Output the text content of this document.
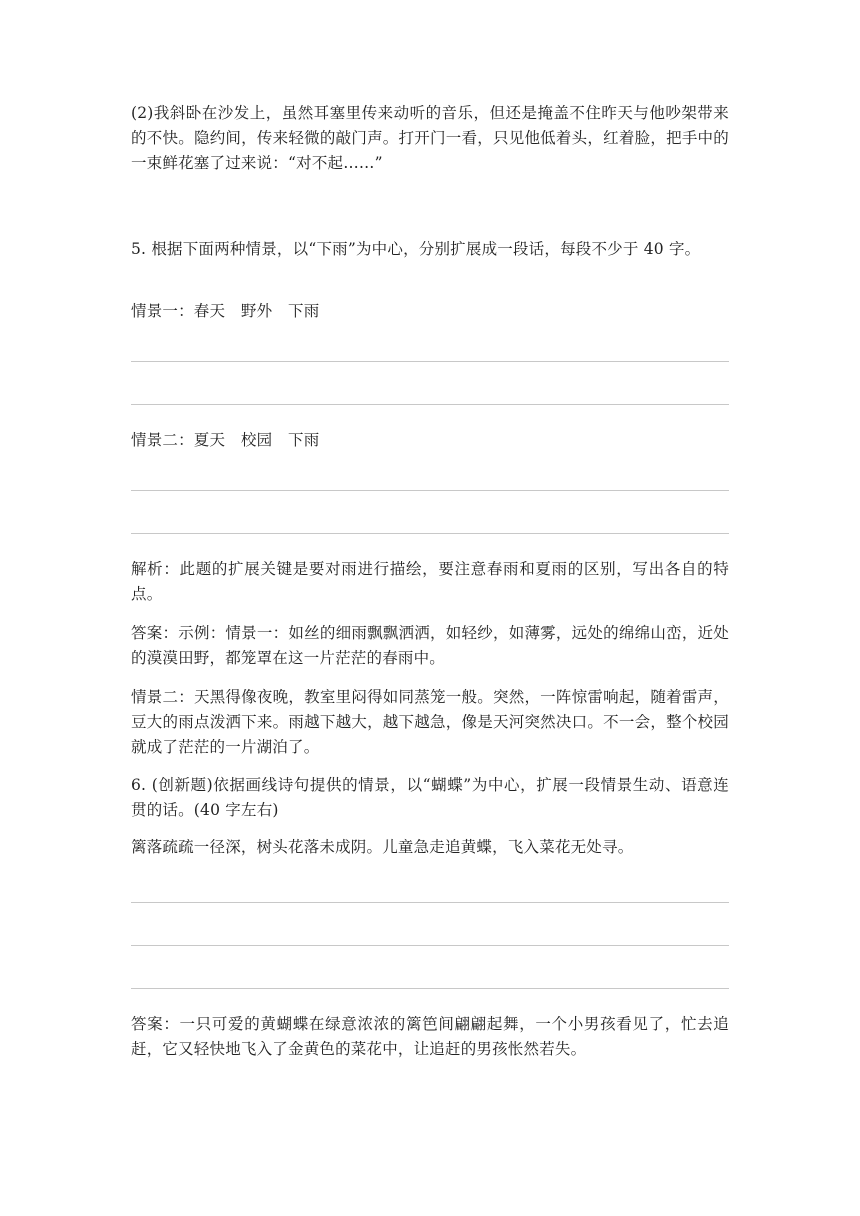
(2)我斜卧在沙发上，虽然耳塞里传来动听的音乐，但还是掩盖不住昨天与他吵架带来的不快。隐约间，传来轻微的敲门声。打开门一看，只见他低着头，红着脸，把手中的一束鲜花塞了过来说：“对不起……”

5. 根据下面两种情景，以“下雨”为中心，分别扩展成一段话，每段不少于 40 字。

情景一：春天　野外　下雨

情景二：夏天　校园　下雨

解析：此题的扩展关键是要对雨进行描绘，要注意春雨和夏雨的区别，写出各自的特点。

答案：示例：情景一：如丝的细雨飘飘洒洒，如轻纱，如薄雾，远处的绵绵山峦，近处的漠漠田野，都笼罩在这一片茫茫的春雨中。

情景二：天黑得像夜晚，教室里闷得如同蒸笼一般。突然，一阵惊雷响起，随着雷声，豆大的雨点泼洒下来。雨越下越大，越下越急，像是天河突然决口。不一会，整个校园就成了茫茫的一片湖泊了。

6. (创新题)依据画线诗句提供的情景，以“蝴蝶”为中心，扩展一段情景生动、语意连贯的话。(40 字左右)

篱落疏疏一径深，树头花落未成阴。儿童急走追黄蝶，飞入菜花无处寻。

答案：一只可爱的黄蝴蝶在绿意浓浓的篱笆间翩翩起舞，一个小男孩看见了，忙去追赶，它又轻快地飞入了金黄色的菜花中，让追赶的男孩怅然若失。
